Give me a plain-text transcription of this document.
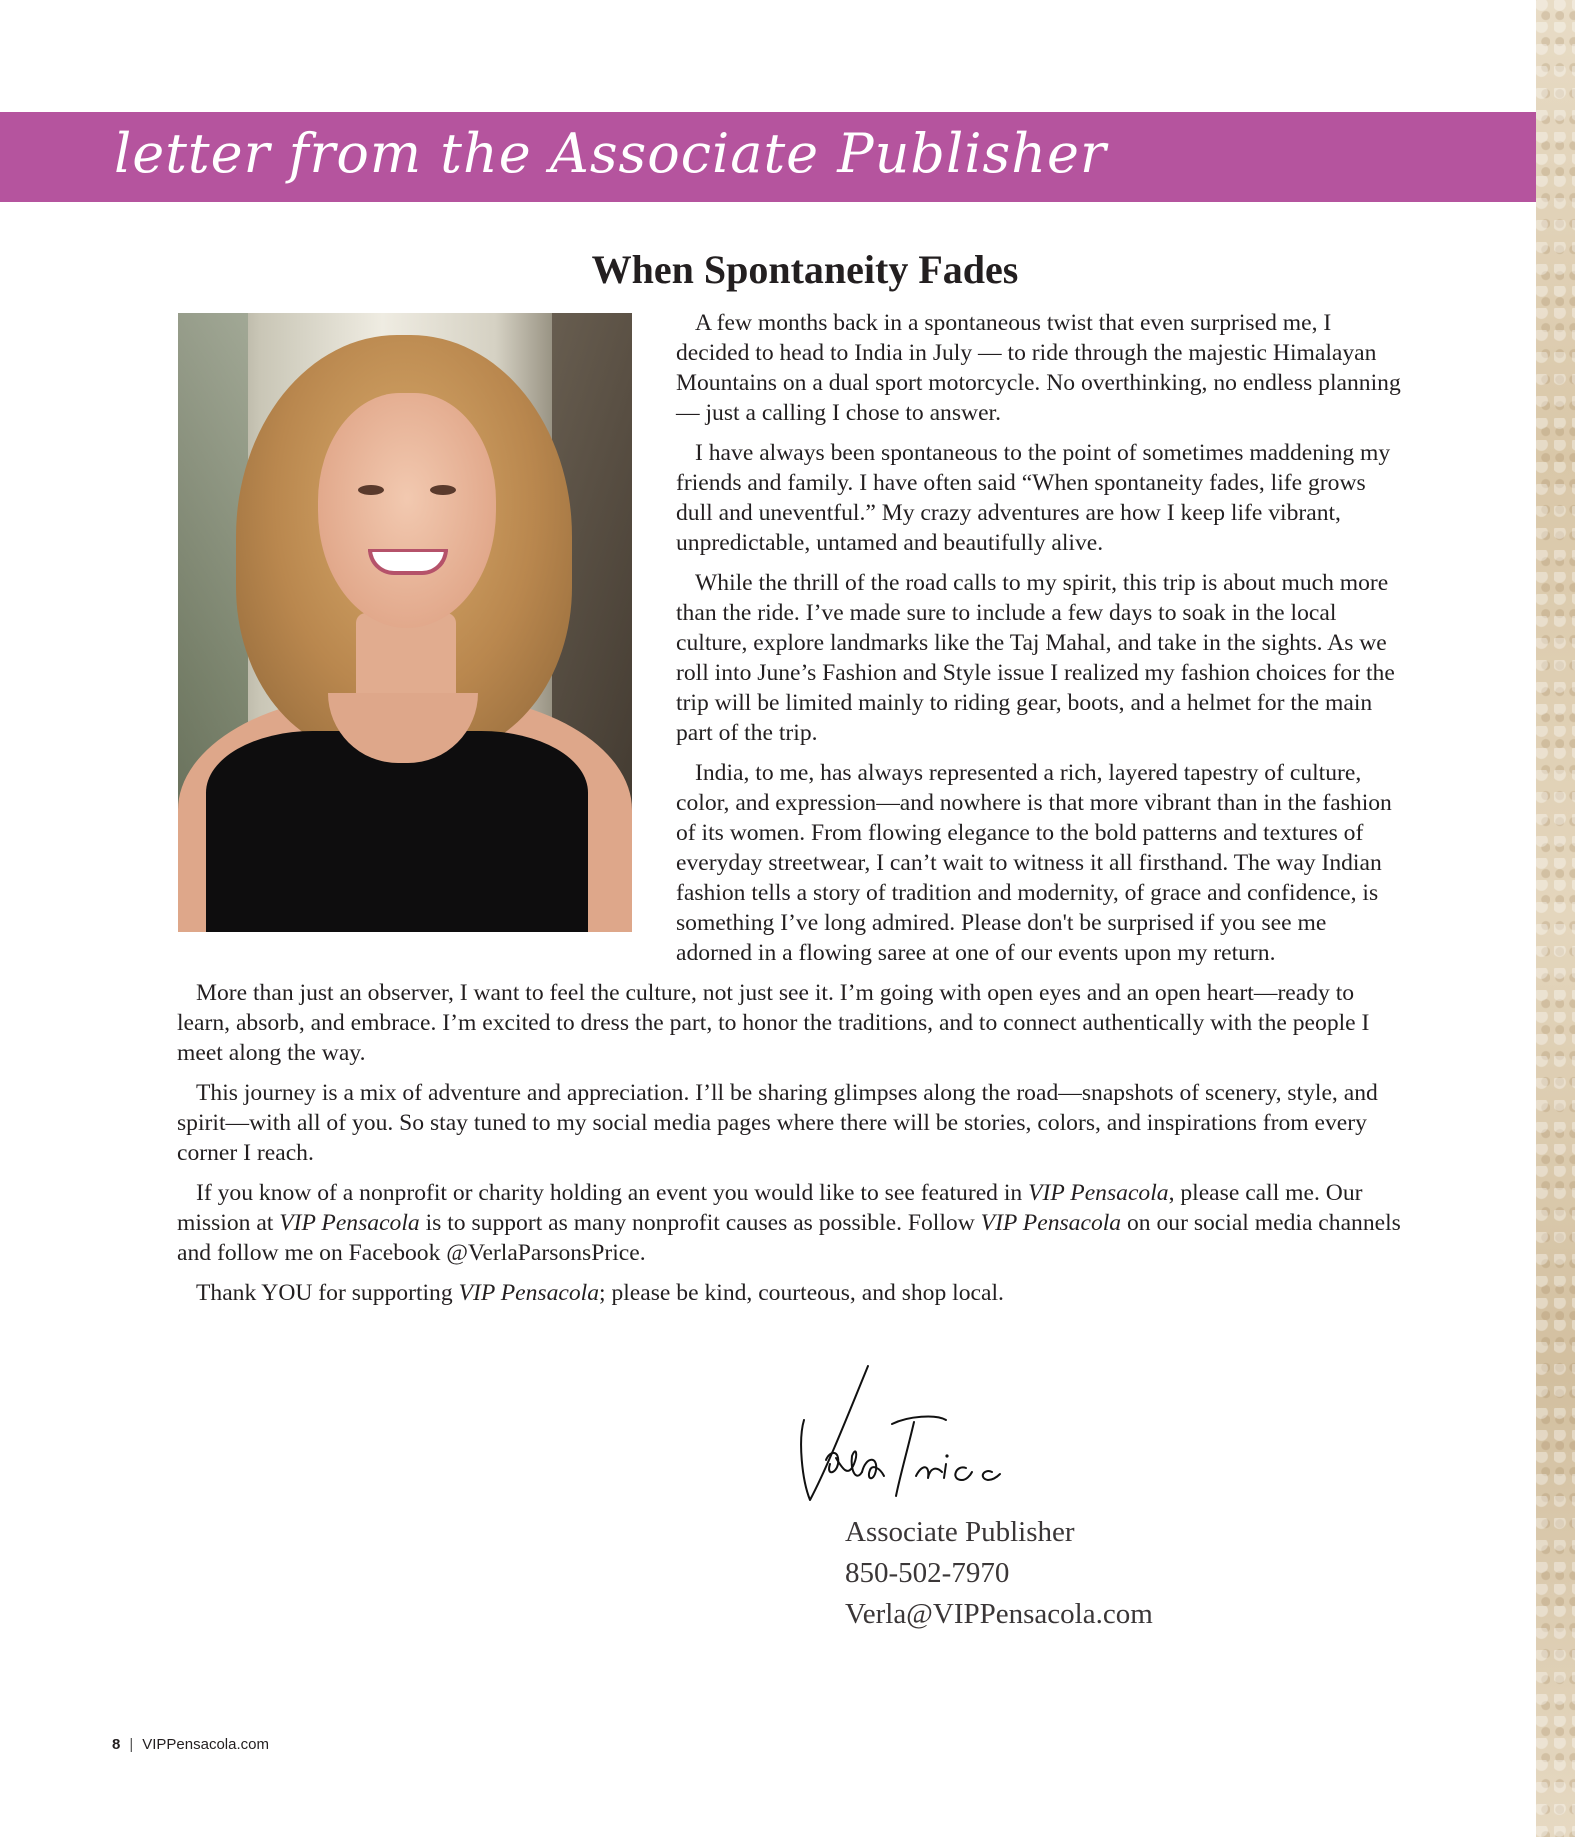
letter from the Associate Publisher
When Spontaneity Fades

A few months back in a spontaneous twist that even surprised me, I decided to head to India in July — to ride through the majestic Himalayan Mountains on a dual sport motorcycle. No overthinking, no endless planning — just a calling I chose to answer.

I have always been spontaneous to the point of sometimes maddening my friends and family. I have often said “When spontaneity fades, life grows dull and uneventful.” My crazy adventures are how I keep life vibrant, unpredictable, untamed and beautifully alive.

While the thrill of the road calls to my spirit, this trip is about much more than the ride. I’ve made sure to include a few days to soak in the local culture, explore landmarks like the Taj Mahal, and take in the sights. As we roll into June’s Fashion and Style issue I realized my fashion choices for the trip will be limited mainly to riding gear, boots, and a helmet for the main part of the trip.

India, to me, has always represented a rich, layered tapestry of culture, color, and expression—and nowhere is that more vibrant than in the fashion of its women. From flowing elegance to the bold patterns and textures of everyday streetwear, I can’t wait to witness it all firsthand. The way Indian fashion tells a story of tradition and modernity, of grace and confidence, is something I’ve long admired. Please don't be surprised if you see me adorned in a flowing saree at one of our events upon my return.

More than just an observer, I want to feel the culture, not just see it. I’m going with open eyes and an open heart—ready to learn, absorb, and embrace. I’m excited to dress the part, to honor the traditions, and to connect authentically with the people I meet along the way.

This journey is a mix of adventure and appreciation. I’ll be sharing glimpses along the road—snapshots of scenery, style, and spirit—with all of you. So stay tuned to my social media pages where there will be stories, colors, and inspirations from every corner I reach.

If you know of a nonprofit or charity holding an event you would like to see featured in VIP Pensacola, please call me. Our mission at VIP Pensacola is to support as many nonprofit causes as possible. Follow VIP Pensacola on our social media channels and follow me on Facebook @VerlaParsonsPrice.

Thank YOU for supporting VIP Pensacola; please be kind, courteous, and shop local.

Associate Publisher
850-502-7970
Verla@VIPPensacola.com
8 | VIPPensacola.com
